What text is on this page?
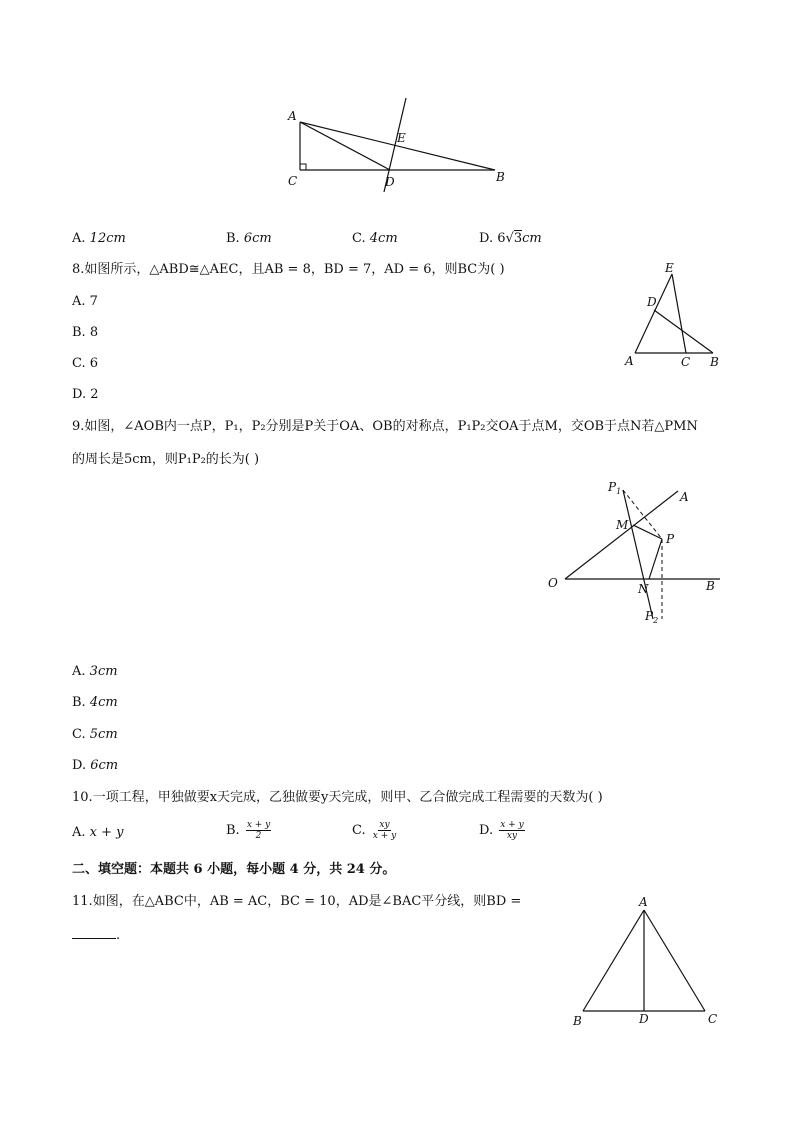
A
E
C	D	B
A. 12cm	B. 6cm	C. 4cm	D. 6√3cm
8.如图所示，△ABD≅△AEC，且AB = 8，BD = 7，AD = 6，则BC为( )
A. 7
B. 8
C. 6
D. 2
E
D
A	C B
9.如图，∠AOB内一点P，P₁，P₂分别是P关于OA、OB的对称点，P₁P₂交OA于点M，交OB于点N若△PMN
的周长是5cm，则P₁P₂的长为( )
$P_1$	A
M
P
O	N	B
$P_2$
A. 3cm
B. 4cm
C. 5cm
D. 6cm
10.一项工程，甲独做要x天完成，乙独做要y天完成，则甲、乙合做完成工程需要的天数为( )
A. x + y	B. $\frac{x + y}{2}$	C. $\frac{xy}{x + y}$	D. $\frac{x + y}{xy}$
二、填空题：本题共 6 小题，每小题 4 分，共 24 分。
11.如图，在△ABC中，AB = AC，BC = 10，AD是∠BAC平分线，则BD =
.
A
B	D	C
